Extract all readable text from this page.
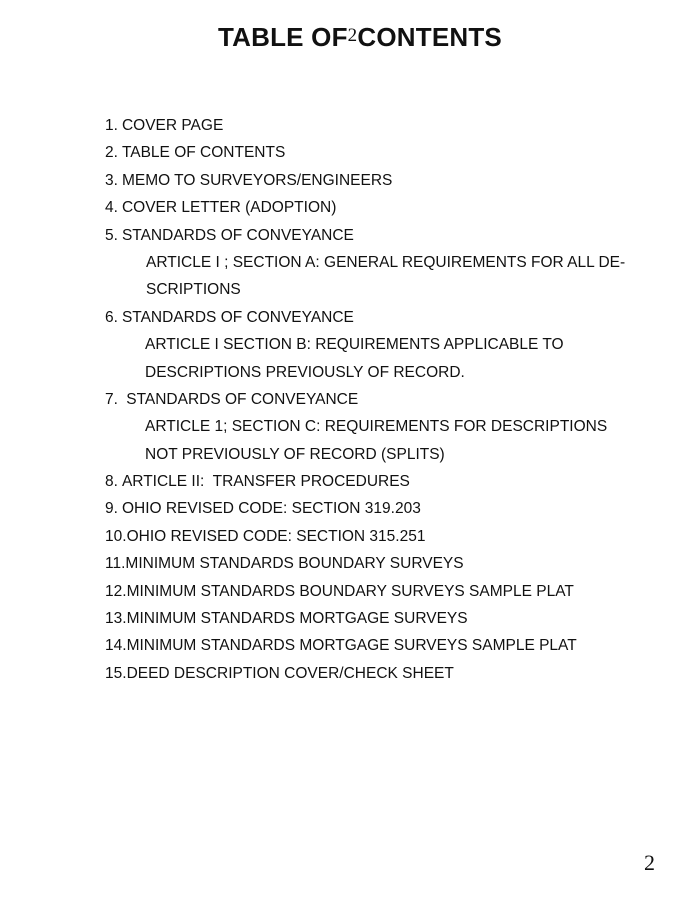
TABLE OF2CONTENTS
1. COVER PAGE
2. TABLE OF CONTENTS
3. MEMO TO SURVEYORS/ENGINEERS
4. COVER LETTER (ADOPTION)
5. STANDARDS OF CONVEYANCE
ARTICLE I ; SECTION A: GENERAL REQUIREMENTS FOR ALL DE-
SCRIPTIONS
6. STANDARDS OF CONVEYANCE
ARTICLE I SECTION B: REQUIREMENTS APPLICABLE TO
DESCRIPTIONS PREVIOUSLY OF RECORD.
7. STANDARDS OF CONVEYANCE
ARTICLE 1; SECTION C: REQUIREMENTS FOR DESCRIPTIONS
NOT PREVIOUSLY OF RECORD (SPLITS)
8. ARTICLE II:  TRANSFER PROCEDURES
9. OHIO REVISED CODE: SECTION 319.203
10.OHIO REVISED CODE: SECTION 315.251
11.MINIMUM STANDARDS BOUNDARY SURVEYS
12.MINIMUM STANDARDS BOUNDARY SURVEYS SAMPLE PLAT
13.MINIMUM STANDARDS MORTGAGE SURVEYS
14.MINIMUM STANDARDS MORTGAGE SURVEYS SAMPLE PLAT
15.DEED DESCRIPTION COVER/CHECK SHEET
2
